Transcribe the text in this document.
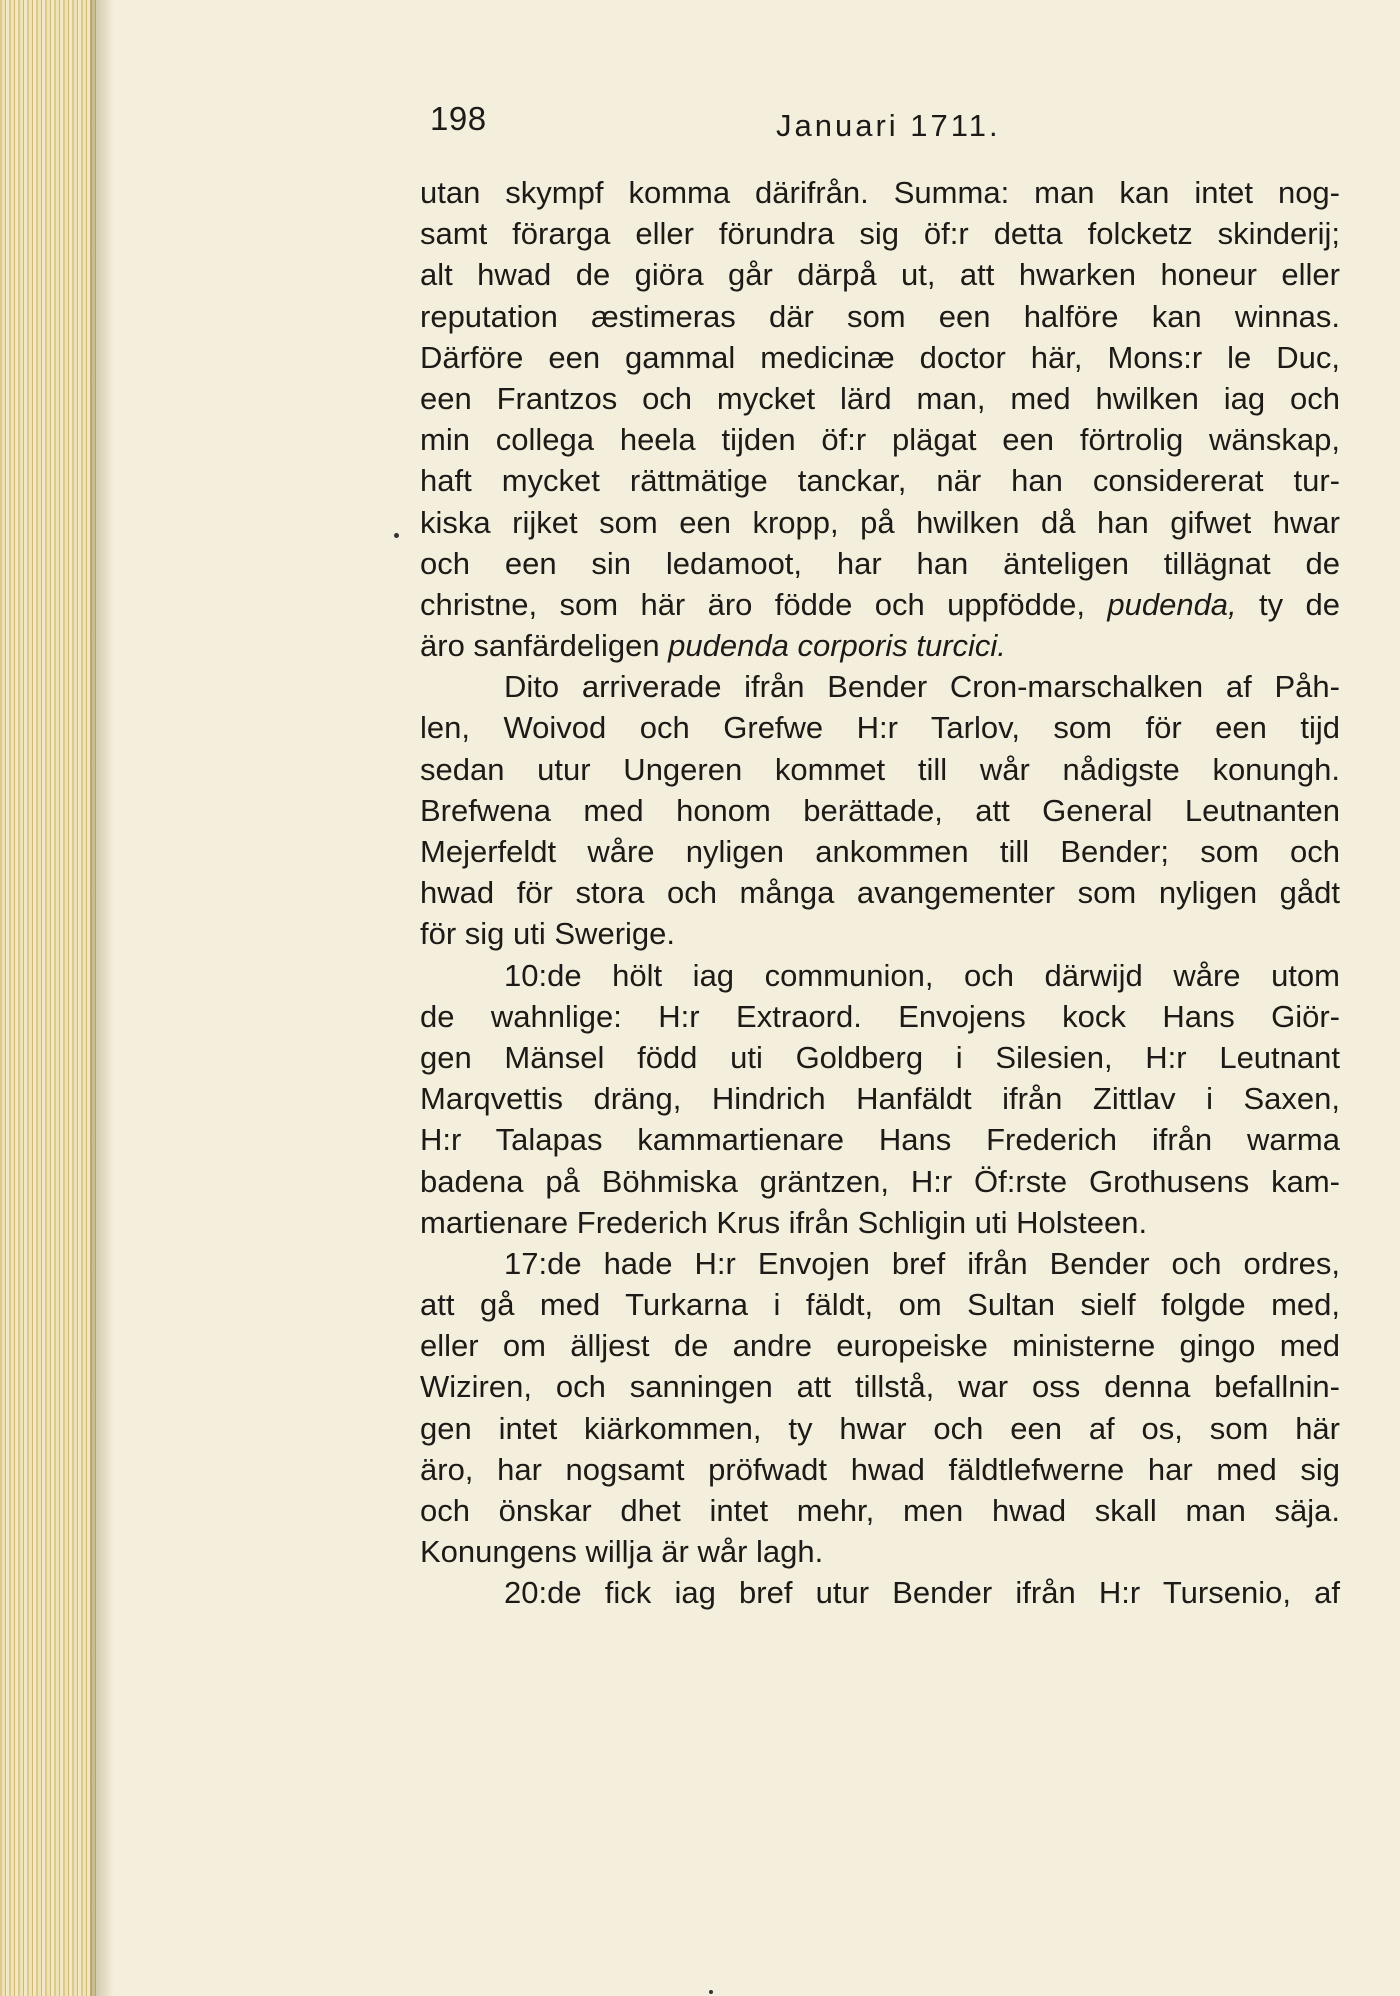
198	Januari 1711.
utan skympf komma därifrån. Summa: man kan intet nog-
samt förarga eller förundra sig öf:r detta folcketz skinderij;
alt hwad de giöra går därpå ut, att hwarken honeur eller
reputation æstimeras där som een halföre kan winnas.
Därföre een gammal medicinæ doctor här, Mons:r le Duc,
een Frantzos och mycket lärd man, med hwilken iag och
min collega heela tijden öf:r plägat een förtrolig wänskap,
haft mycket rättmätige tanckar, när han considererat tur-
kiska rijket som een kropp, på hwilken då han gifwet hwar
och een sin ledamoot, har han änteligen tillägnat de
christne, som här äro födde och uppfödde, pudenda, ty de
äro sanfärdeligen pudenda corporis turcici.
Dito arriverade ifrån Bender Cron-marschalken af Påh-
len, Woivod och Grefwe H:r Tarlov, som för een tijd
sedan utur Ungeren kommet till wår nådigste konungh.
Brefwena med honom berättade, att General Leutnanten
Mejerfeldt wåre nyligen ankommen till Bender; som och
hwad för stora och många avangementer som nyligen gådt
för sig uti Swerige.
10:de hölt iag communion, och därwijd wåre utom
de wahnlige: H:r Extraord. Envojens kock Hans Giör-
gen Mänsel född uti Goldberg i Silesien, H:r Leutnant
Marqvettis dräng, Hindrich Hanfäldt ifrån Zittlav i Saxen,
H:r Talapas kammartienare Hans Frederich ifrån warma
badena på Böhmiska gräntzen, H:r Öf:rste Grothusens kam-
martienare Frederich Krus ifrån Schligin uti Holsteen.
17:de hade H:r Envojen bref ifrån Bender och ordres,
att gå med Turkarna i fäldt, om Sultan sielf folgde med,
eller om älljest de andre europeiske ministerne gingo med
Wiziren, och sanningen att tillstå, war oss denna befallnin-
gen intet kiärkommen, ty hwar och een af os, som här
äro, har nogsamt pröfwadt hwad fäldtlefwerne har med sig
och önskar dhet intet mehr, men hwad skall man säja.
Konungens willja är wår lagh.
20:de fick iag bref utur Bender ifrån H:r Tursenio, af
